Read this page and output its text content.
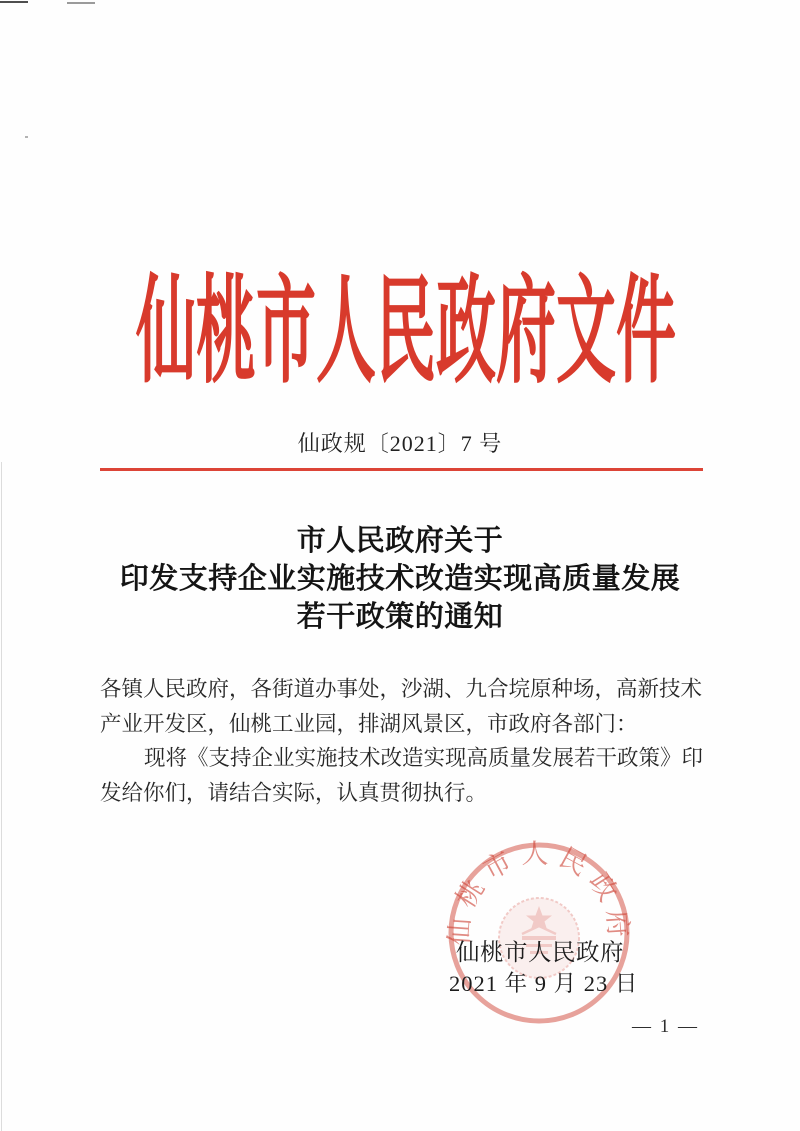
仙桃市人民政府文件
仙政规〔2021〕7 号
市人民政府关于
印发支持企业实施技术改造实现高质量发展
若干政策的通知
各镇人民政府，各街道办事处，沙湖、九合垸原种场，高新技术
产业开发区，仙桃工业园，排湖风景区，市政府各部门：
现将《支持企业实施技术改造实现高质量发展若干政策》印
发给你们，请结合实际，认真贯彻执行。
仙桃市人民政府
仙桃市人民政府
2021 年 9 月 23 日
— 1 —
